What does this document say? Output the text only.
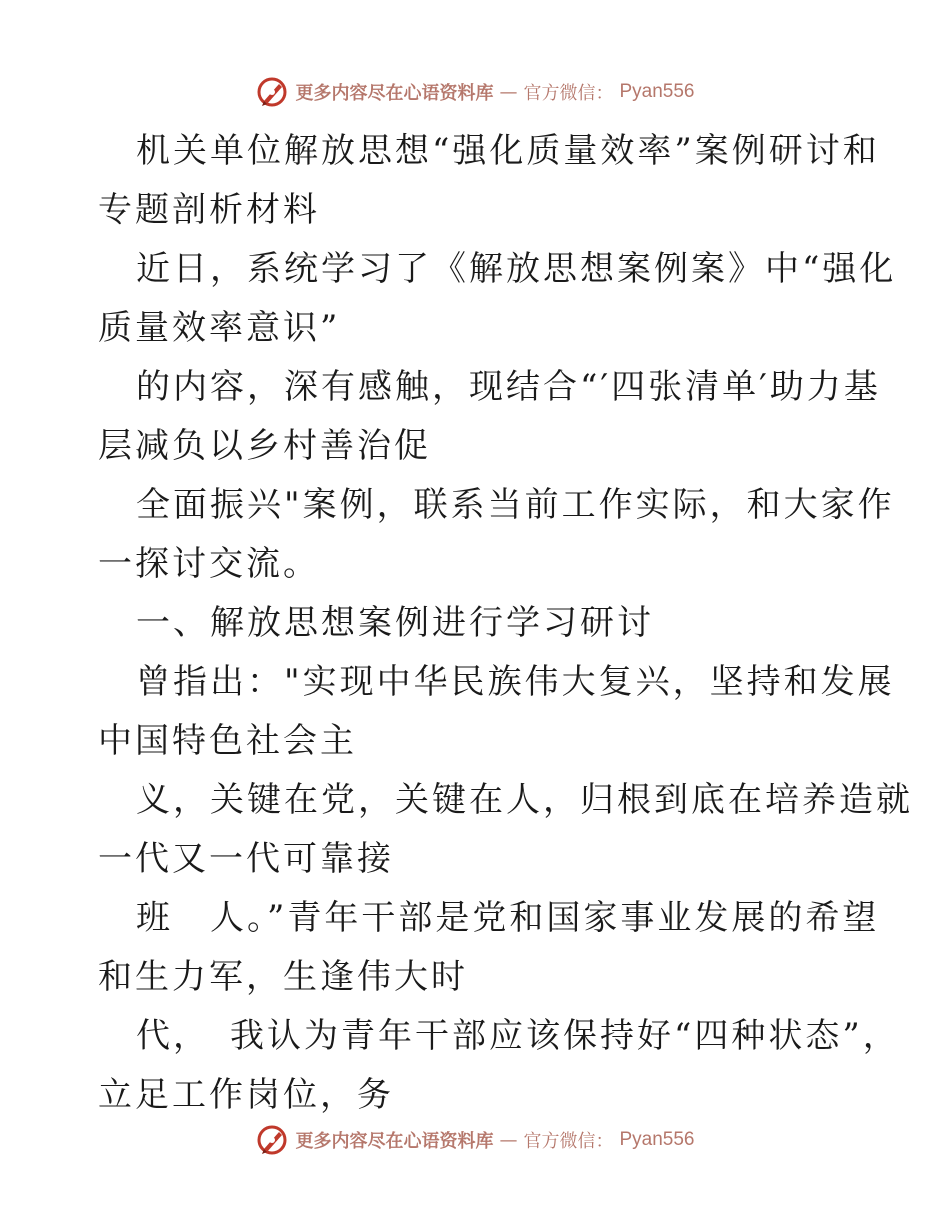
更多内容尽在心语资料库 — 官方微信： Pyan556
机关单位解放思想“强化质量效率”案例研讨和
专题剖析材料
近日，系统学习了《解放思想案例案》中“强化
质量效率意识”
的内容，深有感触，现结合“′四张清单′助力基
层减负以乡村善治促
全面振兴"案例，联系当前工作实际，和大家作
一探讨交流。
一、解放思想案例进行学习研讨
曾指出："实现中华民族伟大复兴，坚持和发展
中国特色社会主
义，关键在党，关键在人，归根到底在培养造就
一代又一代可靠接
班　人。”青年干部是党和国家事业发展的希望
和生力军，生逢伟大时
代，　我认为青年干部应该保持好“四种状态”，
立足工作岗位，务
更多内容尽在心语资料库 — 官方微信： Pyan556
